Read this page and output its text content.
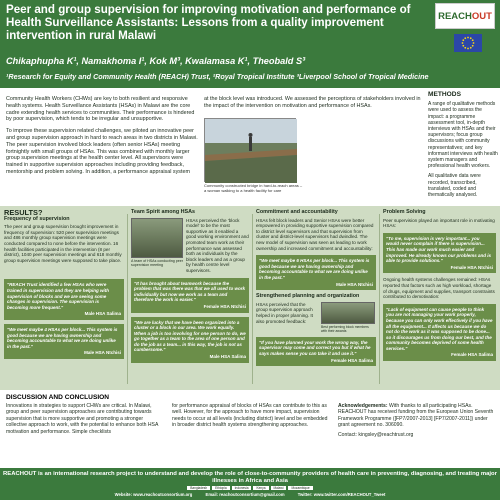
Peer and group supervision for improving motivation and performance of Health Surveillance Assistants: Lessons from a quality improvement intervention in rural Malawi
Chikaphupha K¹, Namakhoma I¹, Kok M³, Kwalamasa K¹, Theobald S³
¹Research for Equity and Community Health (REACH) Trust, ²Royal Tropical Institute ³Liverpool School of Tropical Medicine
REACH OUT

Community Health Workers (CHWs) are key to both resilient and responsive health systems. Health Surveillance Assistants (HSAs) in Malawi are the core cadre extending health services to communities. Their performance is hindered by poor supervision, which tends to be irregular and unsupportive.

To improve these supervision related challenges, we piloted an innovative peer and group supervision approach in hard to reach areas in two districts in Malawi. The peer supervision involved block leaders (often senior HSAs) meeting fortnightly with small groups of HSAs. This was combined with monthly larger group supervision meetings at the health center level. All supervisors were trained in supportive supervision approaches including providing feedback, mentorship and problem solving. In addition, a performance appraisal system

at the block level was introduced. We assessed the perceptions of stakeholders involved in the impact of the intervention on motivation and performance of HSAs.
Community constructed bridge in hard-to-reach areas – a woman walking to a health facility for care
METHODS

A range of qualitative methods were used to assess the impact: a programme assessment tool, in-depth interviews with HSAs and their supervisors; focus group discussions with community representatives; and key informant interviews with health system managers and professional health workers.

All qualitative data were recorded, transcribed, translated, coded and thematically analysed.

RESULTS?
Frequency of supervision
The peer and group supervision brought improvement in frequency of supervision: 520 peer supervision meetings and 486 monthly group supervision meetings were conducted compared to none before the intervention. 16 health facilities participated in the intervention (8 per district), 1040 peer supervision meetings and 618 monthly group supervision meetings were supposed to take place.
"REACH Trust identified a few HSAs who were trained in supervision and they are helping with supervision of blocks and we are seeing some changes in supervision. The supervision is becoming more frequent."
Male HSA Salima
"We meet maybe 4 HSAs per block... This system is good because we are having ownership and becoming accountable to what we are doing unlike in the past."
Male HSA Ntchisi
Team Spirit among HSAs
A team of HSAs conducting peer supervision meeting
HSAs perceived the 'block model' to be the most supportive as it enabled a good working environment and promoted team work as their performance was assessed both as individuals by the block leaders and as a group by health centre level supervisors.
"It has brought about teamwork because the problem that was there was that we all used to work individually but now we work as a team and therefore the work is easier."
Female HSA Ntchisi
"We are lucky that we have been organized into a cluster or a block in our area. We work equally. When a job is too involving for one person to do, we go together as a team to the area of one person and do the job as a team... in this way, the job is not as cumbersome."
Male HSA Salima
Commitment and accountability
HSAs felt block leaders and Senior HSAs were better empowered in providing supportive supervision compared to district level supervisors and that supervision from cluster and district-level supervisors had dwindled. The new model of supervision was seen as leading to work ownership and increased commitment and accountability:
"We meet maybe 6 HSAs per block... This system is good because we are having ownership and becoming accountable to what we are doing unlike in the past."
Male HSA Ntchisi
Strengthened planning and organization
HSAs perceived that the group supervision approach helped in proper planning. It also promoted feedback:
Best performing block members with their awards
"If you have planned your work the wrong way, the supervisor may come and correct you but if what he says makes sense you can take it and use it."
Female HSA Salima
Problem Solving
Peer supervision played an important role in motivating HSAs:
"To me, supervision is very important... you would never complain if there is supervision... This has made our work much easier and improved. He already knows our problems and is able to provide solutions."
Female HSA Ntchisi
Ongoing health systems challenges remained: HSAs reported that factors such as high workload, shortage of drugs, equipment and supplies, transport constraints contributed to demotivation:
"Lack of equipment can cause people to think you are not managing your work properly, because you can only work effectively if you have all the equipment... It affects us because we do not do the work as it was supposed to be done... so it discourages us from doing our best, and the community becomes deprived of some health services."
Female HSA Salima
DISCUSSION AND CONCLUSION
Innovations in strategies to support CHWs are critical. In Malawi, group and peer supervision approaches are contributing towards supervision that is more supportive and promoting a stronger collective approach to work, with the potential to enhance both HSA motivation and performance. Simple checklists
for performance appraisal of blocks of HSAs can contribute to this as well. However, for the approach to have more impact, supervision needs to occur at all levels (including district) level and be embedded in broader district health systems strengthening approaches.
Acknowledgements: With thanks to all participating HSAs. REACHOUT has received funding from the European Union Seventh Framework Programme ([FP7/2007-2013] [FP7/2007-2011]) under grant agreement no. 306090.
Contact: kingsley@reachtrust.org
REACHOUT is an international research project to understand and develop the role of close-to-community providers of health care in preventing, diagnosing, and treating major illnesses in Africa and Asia
Bangladesh	Ethiopia	Indonesia	Kenya	Malawi	Mozambique
Website: www.reachoutconsortium.org	Email: reachoutconsortium@gmail.com	Twitter: www.twitter.com/REACHOUT_Tweet
